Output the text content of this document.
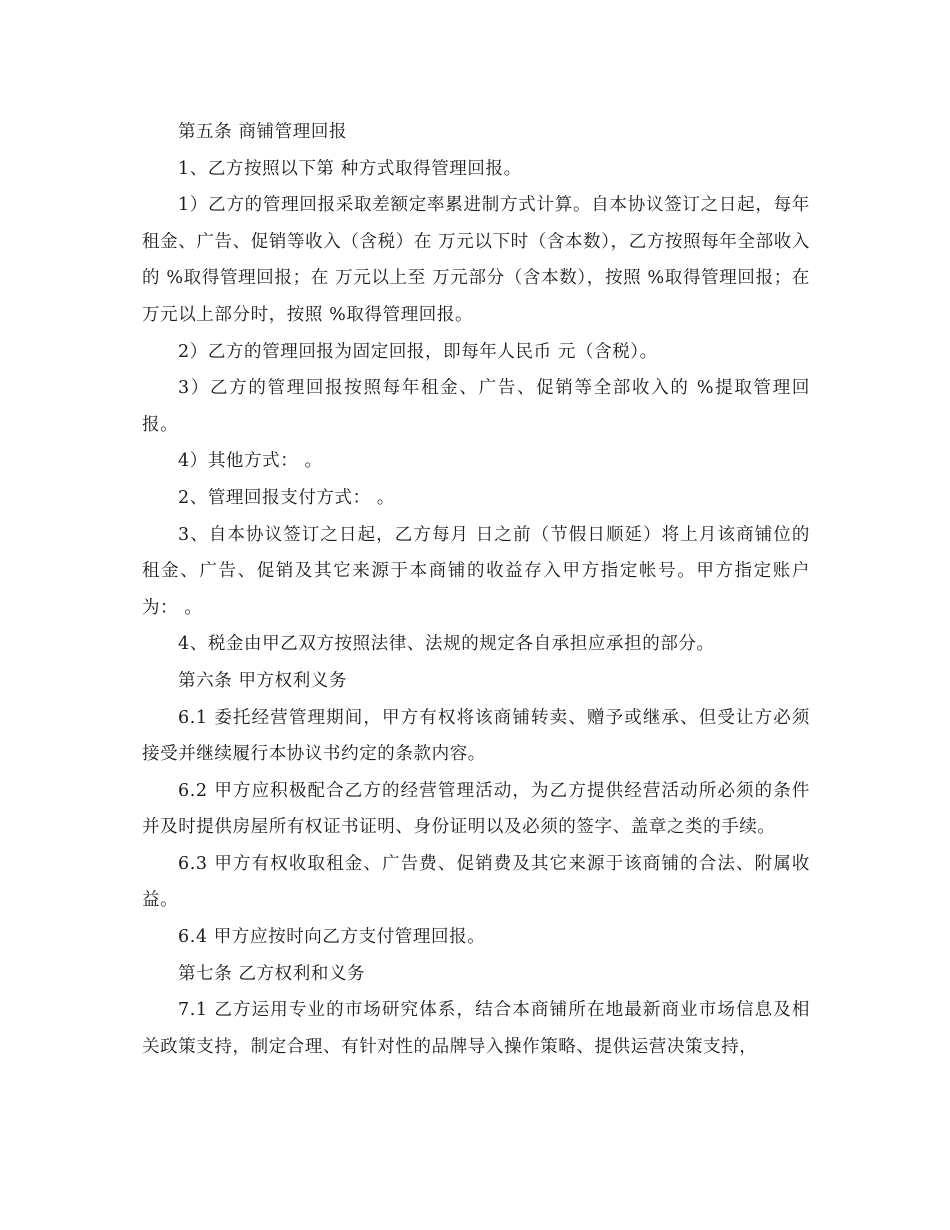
第五条 商铺管理回报

1、乙方按照以下第 种方式取得管理回报。

1）乙方的管理回报采取差额定率累进制方式计算。自本协议签订之日起，每年租金、广告、促销等收入（含税）在 万元以下时（含本数），乙方按照每年全部收入的 %取得管理回报；在 万元以上至 万元部分（含本数），按照 %取得管理回报；在 万元以上部分时，按照 %取得管理回报。

2）乙方的管理回报为固定回报，即每年人民币 元（含税）。

3）乙方的管理回报按照每年租金、广告、促销等全部收入的 %提取管理回报。

4）其他方式： 。

2、管理回报支付方式： 。

3、自本协议签订之日起，乙方每月 日之前（节假日顺延）将上月该商铺位的租金、广告、促销及其它来源于本商铺的收益存入甲方指定帐号。甲方指定账户为： 。

4、税金由甲乙双方按照法律、法规的规定各自承担应承担的部分。

第六条 甲方权利义务

6.1 委托经营管理期间，甲方有权将该商铺转卖、赠予或继承、但受让方必须接受并继续履行本协议书约定的条款内容。

6.2 甲方应积极配合乙方的经营管理活动，为乙方提供经营活动所必须的条件并及时提供房屋所有权证书证明、身份证明以及必须的签字、盖章之类的手续。

6.3 甲方有权收取租金、广告费、促销费及其它来源于该商铺的合法、附属收益。

6.4 甲方应按时向乙方支付管理回报。

第七条 乙方权利和义务

7.1 乙方运用专业的市场研究体系，结合本商铺所在地最新商业市场信息及相关政策支持，制定合理、有针对性的品牌导入操作策略、提供运营决策支持，
